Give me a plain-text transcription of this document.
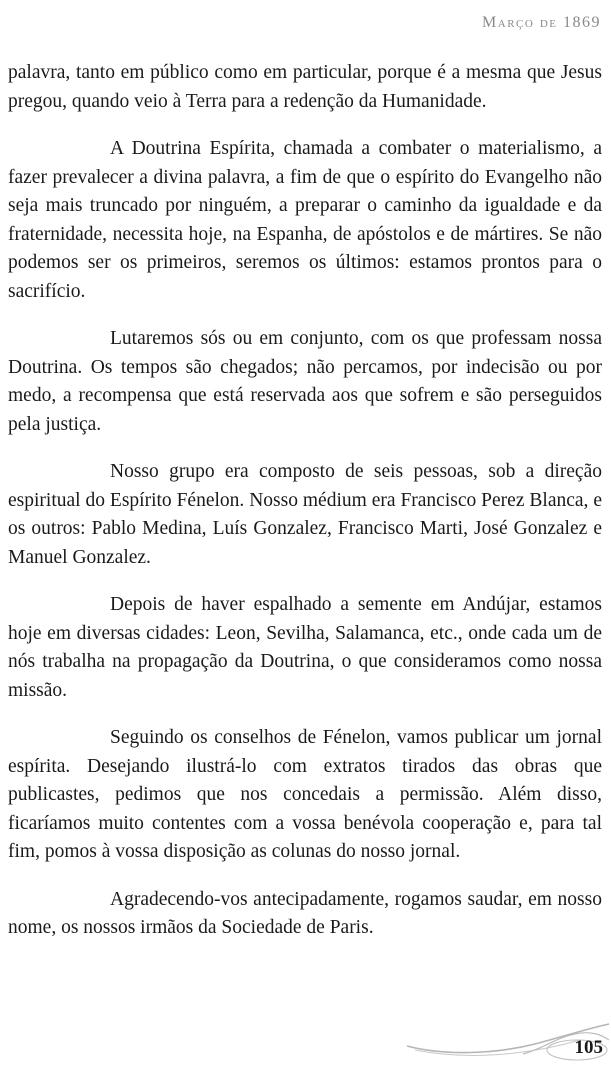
Março de 1869

palavra, tanto em público como em particular, porque é a mesma que Jesus pregou, quando veio à Terra para a redenção da Humanidade.

A Doutrina Espírita, chamada a combater o materialismo, a fazer prevalecer a divina palavra, a fim de que o espírito do Evangelho não seja mais truncado por ninguém, a preparar o caminho da igualdade e da fraternidade, necessita hoje, na Espanha, de apóstolos e de mártires. Se não podemos ser os primeiros, seremos os últimos: estamos prontos para o sacrifício.

Lutaremos sós ou em conjunto, com os que professam nossa Doutrina. Os tempos são chegados; não percamos, por indecisão ou por medo, a recompensa que está reservada aos que sofrem e são perseguidos pela justiça.

Nosso grupo era composto de seis pessoas, sob a direção espiritual do Espírito Fénelon. Nosso médium era Francisco Perez Blanca, e os outros: Pablo Medina, Luís Gonzalez, Francisco Marti, José Gonzalez e Manuel Gonzalez.

Depois de haver espalhado a semente em Andújar, estamos hoje em diversas cidades: Leon, Sevilha, Salamanca, etc., onde cada um de nós trabalha na propagação da Doutrina, o que consideramos como nossa missão.

Seguindo os conselhos de Fénelon, vamos publicar um jornal espírita. Desejando ilustrá-lo com extratos tirados das obras que publicastes, pedimos que nos concedais a permissão. Além disso, ficaríamos muito contentes com a vossa benévola cooperação e, para tal fim, pomos à vossa disposição as colunas do nosso jornal.

Agradecendo-vos antecipadamente, rogamos saudar, em nosso nome, os nossos irmãos da Sociedade de Paris.

105
